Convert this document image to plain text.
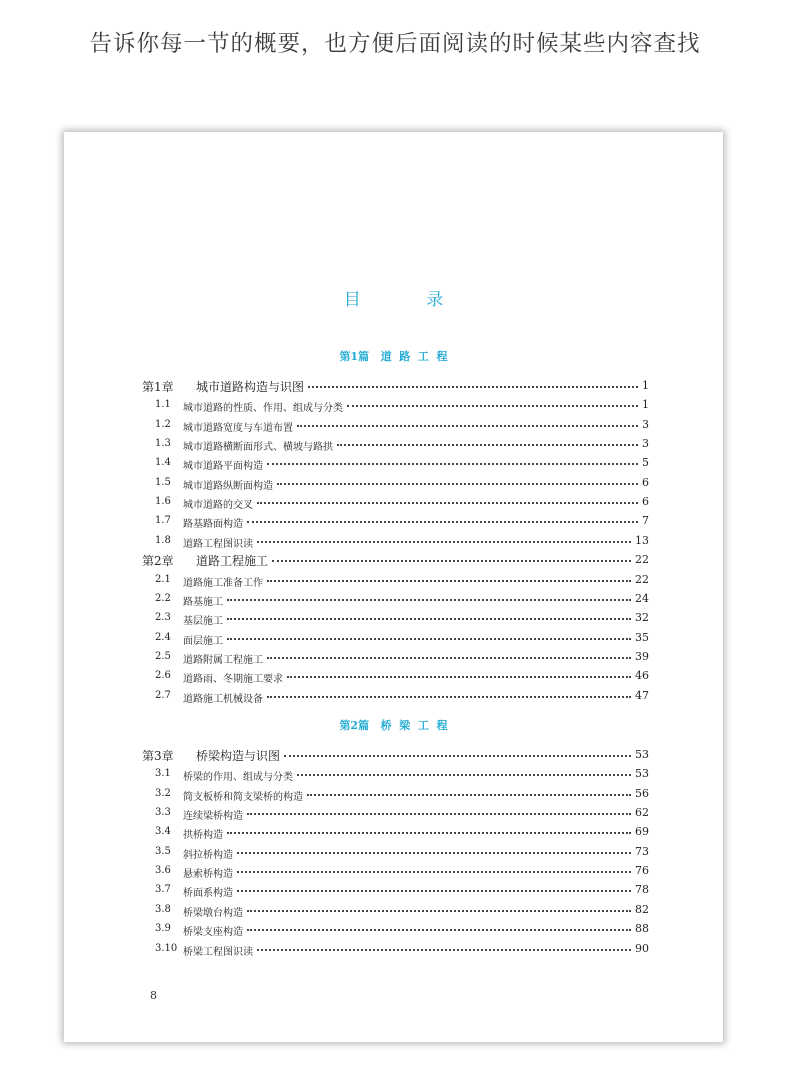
告诉你每一节的概要，也方便后面阅读的时候某些内容查找
目 录
第1篇   道  路  工  程
第1章 城市道路构造与识图	1
1.1 城市道路的性质、作用、组成与分类	1
1.2 城市道路宽度与车道布置	3
1.3 城市道路横断面形式、横坡与路拱	3
1.4 城市道路平面构造	5
1.5 城市道路纵断面构造	6
1.6 城市道路的交叉	6
1.7 路基路面构造	7
1.8 道路工程图识读	13
第2章 道路工程施工	22
2.1 道路施工准备工作	22
2.2 路基施工	24
2.3 基层施工	32
2.4 面层施工	35
2.5 道路附属工程施工	39
2.6 道路雨、冬期施工要求	46
2.7 道路施工机械设备	47
第2篇   桥  梁  工  程
第3章 桥梁构造与识图	53
3.1 桥梁的作用、组成与分类	53
3.2 简支板桥和简支梁桥的构造	56
3.3 连续梁桥构造	62
3.4 拱桥构造	69
3.5 斜拉桥构造	73
3.6 悬索桥构造	76
3.7 桥面系构造	78
3.8 桥梁墩台构造	82
3.9 桥梁支座构造	88
3.10 桥梁工程图识读	90
8
